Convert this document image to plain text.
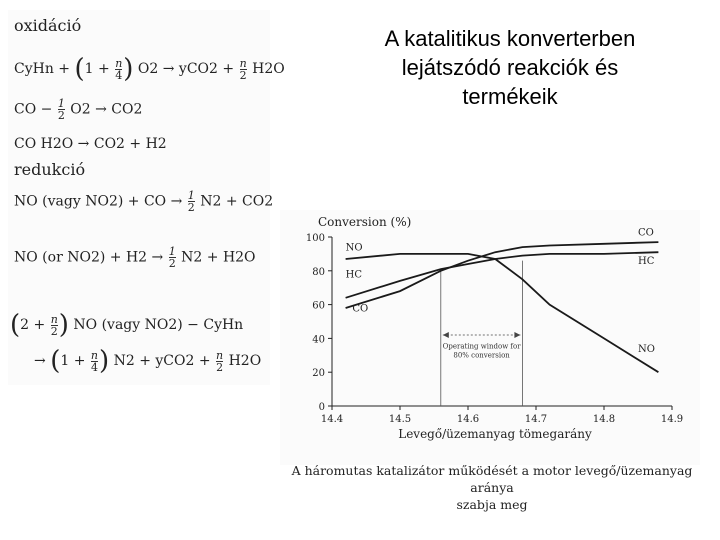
A katalitikus konverterben
lejátszódó reakciók és
termékeik
oxidáció
CyHn + ($1 + \frac{n}{4}$ ) $O2 \to yCO2 + \frac{n}{2} H2O$
CO − $\frac{1}{2} O2 \to CO2$
CO H2O → CO2 + H2
redukció
NO (vagy NO2) + CO → $\frac{1}{2} N2 + CO2$
NO (or $NO2) + H2 \to \frac{1}{2} N2 + H2O$
($2 + \frac{n}{2}$ ) NO (vagy NO2) − CyHn
→ ($1 + \frac{n}{4}$ ) $N2 + yCO2 + \frac{n}{2} H2O$
Conversion (%)
0
20
40
60
80
100
14.4	14.5	14.6	14.7	14.8	14.9
Operating window for
80% conversion
NO
HC
CO
CO
HC
NO
Levegő/üzemanyag tömegarány
A háromutas katalizátor működését a motor levegő/üzemanyag aránya
szabja meg
